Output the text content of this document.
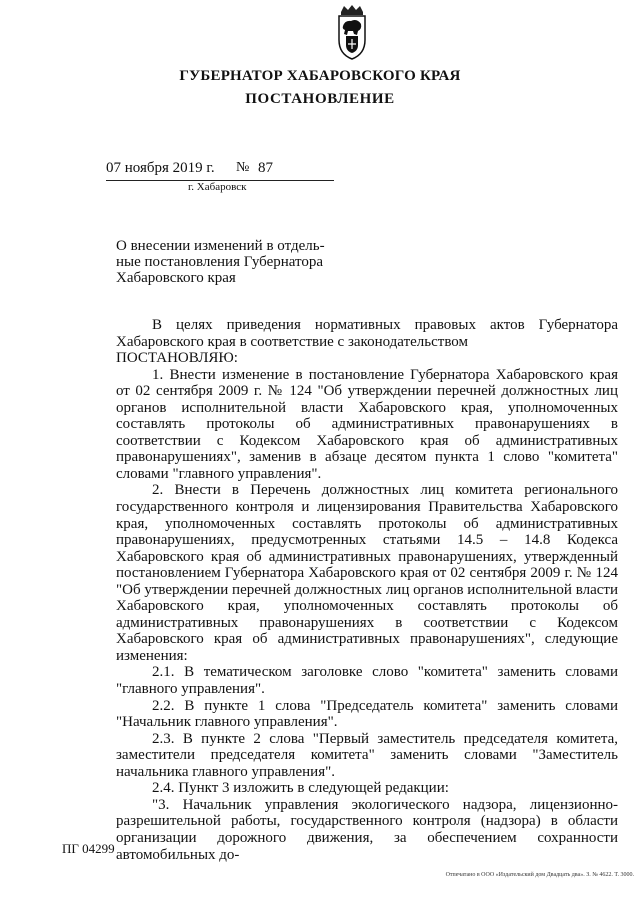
ГУБЕРНАТОР ХАБАРОВСКОГО КРАЯ
ПОСТАНОВЛЕНИЕ
07 ноября 2019 г. № 87
г. Хабаровск
О внесении изменений в отдель-
ные постановления Губернатора
Хабаровского края

В целях приведения нормативных правовых актов Губернатора Хабаровского края в соответствие с законодательством

ПОСТАНОВЛЯЮ:

1. Внести изменение в постановление Губернатора Хабаровского края от 02 сентября 2009 г. № 124 "Об утверждении перечней должностных лиц органов исполнительной власти Хабаровского края, уполномоченных составлять протоколы об административных правонарушениях в соответствии с Кодексом Хабаровского края об административных правонарушениях", заменив в абзаце десятом пункта 1 слово "комитета" словами "главного управления".

2. Внести в Перечень должностных лиц комитета регионального государственного контроля и лицензирования Правительства Хабаровского края, уполномоченных составлять протоколы об административных правонарушениях, предусмотренных статьями 14.5 – 14.8 Кодекса Хабаровского края об административных правонарушениях, утвержденный постановлением Губернатора Хабаровского края от 02 сентября 2009 г. № 124 "Об утверждении перечней должностных лиц органов исполнительной власти Хабаровского края, уполномоченных составлять протоколы об административных правонарушениях в соответствии с Кодексом Хабаровского края об административных правонарушениях", следующие изменения:

2.1. В тематическом заголовке слово "комитета" заменить словами "главного управления".

2.2. В пункте 1 слова "Председатель комитета" заменить словами "Начальник главного управления".

2.3. В пункте 2 слова "Первый заместитель председателя комитета, заместители председателя комитета" заменить словами "Заместитель начальника главного управления".

2.4. Пункт 3 изложить в следующей редакции:

"3. Начальник управления экологического надзора, лицензионно-разрешительной работы, государственного контроля (надзора) в области организации дорожного движения, за обеспечением сохранности автомобильных до-

ПГ 04299
Отпечатано в ООО «Издательский дом Двадцать два». З. № 4622. Т. 3000.
